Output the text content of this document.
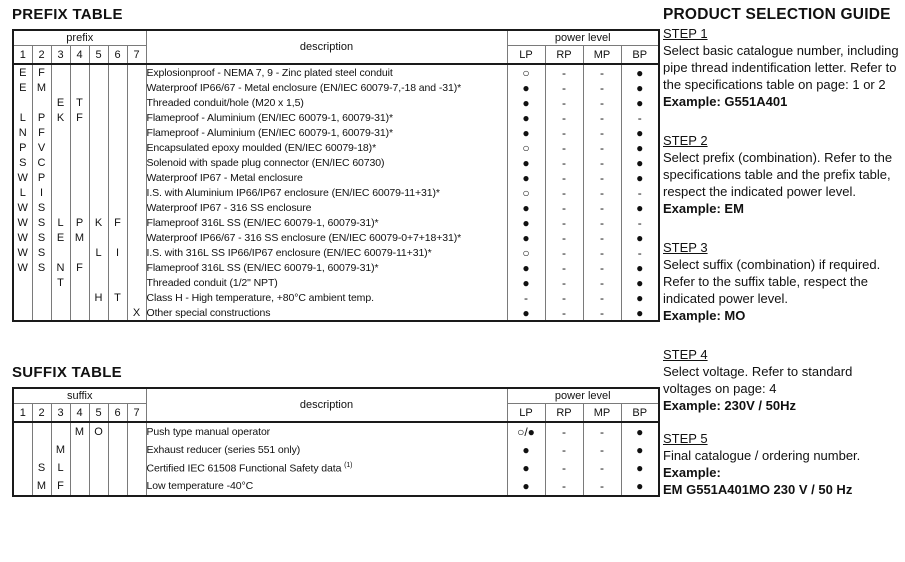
PREFIX TABLE
prefix							description	power level			
1	2	3	4	5	6	7		LP	RP	MP	BP
E	F						Explosionproof - NEMA 7, 9 - Zinc plated steel conduit	○	-	-	●
E	M						Waterproof IP66/67 - Metal enclosure (EN/IEC 60079-7,-18 and -31)*	●	-	-	●
		E	T				Threaded conduit/hole (M20 x 1,5)	●	-	-	●
L	P	K	F				Flameproof - Aluminium (EN/IEC 60079-1, 60079-31)*	●	-	-	-
N	F						Flameproof - Aluminium (EN/IEC 60079-1, 60079-31)*	●	-	-	●
P	V						Encapsulated epoxy moulded (EN/IEC 60079-18)*	○	-	-	●
S	C						Solenoid with spade plug connector (EN/IEC 60730)	●	-	-	●
W	P						Waterproof IP67 - Metal enclosure	●	-	-	●
L	I						I.S. with Aluminium IP66/IP67 enclosure (EN/IEC 60079-11+31)*	○	-	-	-
W	S						Waterproof IP67 - 316 SS enclosure	●	-	-	●
W	S	L	P	K	F		Flameproof 316L SS (EN/IEC 60079-1, 60079-31)*	●	-	-	-
W	S	E	M				Waterproof IP66/67 - 316 SS enclosure (EN/IEC 60079-0+7+18+31)*	●	-	-	●
W	S			L	I		I.S. with 316L SS IP66/IP67 enclosure (EN/IEC 60079-11+31)*	○	-	-	-
W	S	N	F				Flameproof 316L SS (EN/IEC 60079-1, 60079-31)*	●	-	-	●
		T					Threaded conduit (1/2" NPT)	●	-	-	●
				H	T		Class H - High temperature, +80°C ambient temp.	-	-	-	●
						X	Other special constructions	●	-	-	●
SUFFIX TABLE
suffix							description	power level			
1	2	3	4	5	6	7		LP	RP	MP	BP
			M	O			Push type manual operator	○/●	-	-	●
		M					Exhaust reducer (series 551 only)	●	-	-	●
	S	L					Certified IEC 61508 Functional Safety data $^{(1)}$	●	-	-	●
	M	F					Low temperature -40°C	●	-	-	●
PRODUCT SELECTION GUIDE
STEP 1
Select basic catalogue number, including pipe thread indentification letter. Refer to the specifications table on page: 1 or 2
Example: G551A401
STEP 2
Select prefix (combination). Refer to the specifications table and the prefix table, respect the indicated power level.
Example: EM
STEP 3
Select suffix (combination) if required. Refer to the suffix table, respect the indicated power level.
Example: MO
STEP 4
Select voltage. Refer to standard voltages on page: 4
Example: 230V / 50Hz
STEP 5
Final catalogue / ordering number.
Example:
EM G551A401MO 230 V / 50 Hz
